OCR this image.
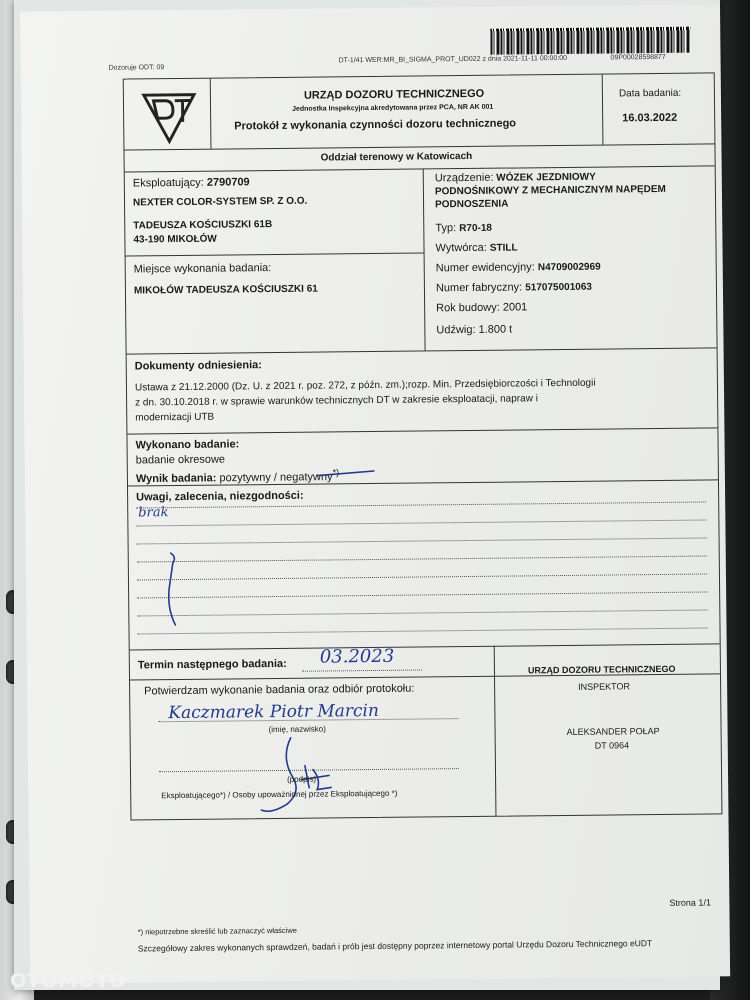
09P000285988​77
Dozoruje ODT: 09
DT-1/41 WER:MR_BI_SIGMA_PROT_UD022 z dnia 2021-11-11 00:00:00
URZĄD DOZORU TECHNICZNEGO
Jednostka Inspekcyjna akredytowana przez PCA, NR AK 001
Protokół z wykonania czynności dozoru technicznego
Data badania:
16.03.2022
Oddział terenowy w Katowicach
Eksploatujący: 2790709
NEXTER COLOR-SYSTEM SP. Z O.O.
TADEUSZA KOŚCIUSZKI 61B
43-190 MIKOŁÓW
Miejsce wykonania badania:
MIKOŁÓW TADEUSZA KOŚCIUSZKI 61
Urządzenie: WÓZEK JEZDNIOWY
PODNOŚNIKOWY Z MECHANICZNYM NAPĘDEM
PODNOSZENIA
Typ: R70-18
Wytwórca: STILL
Numer ewidencyjny: N4709002969
Numer fabryczny: 517075001063
Rok budowy: 2001
Udźwig: 1.800 t
Dokumenty odniesienia:
Ustawa z 21.12.2000 (Dz. U. z 2021 r. poz. 272, z późn. zm.);rozp. Min. Przedsiębiorczości i Technologii
z dn. 30.10.2018 r. w sprawie warunków technicznych DT w zakresie eksploatacji, napraw i
modernizacji UTB
Wykonano badanie:
badanie okresowe
Wynik badania: pozytywny / negatywny*)
Uwagi, zalecenia, niezgodności:
brak
Termin następnego badania: 03.2023
Potwierdzam wykonanie badania oraz odbiór protokołu:
Kaczmarek Piotr Marcin
(imię, nazwisko)
(podpis)
Eksploatującego*) / Osoby upoważnionej przez Eksploatującego *)
URZĄD DOZORU TECHNICZNEGO
INSPEKTOR
ALEKSANDER POŁAP
DT 0964
Strona 1/1
*) niepotrzebne skreślić lub zaznaczyć właściwe
Szczegółowy zakres wykonanych sprawdzeń, badań i prób jest dostępny poprzez internetowy portal Urzędu Dozoru Technicznego eUDT
OTOMOTO
